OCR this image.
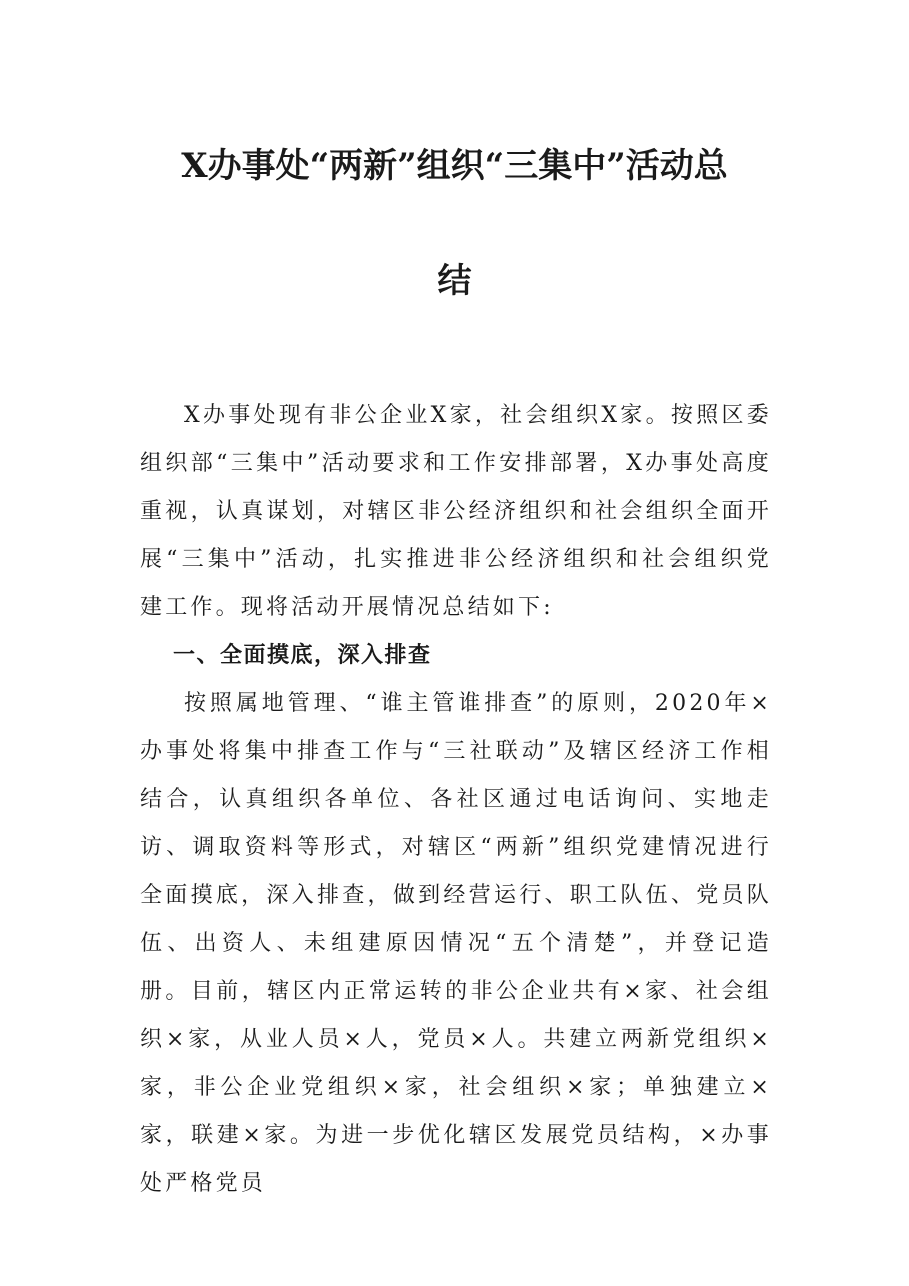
X办事处“两新”组织“三集中”活动总
结

X办事处现有非公企业X家，社会组织X家。按照区委组织部“三集中”活动要求和工作安排部署，X办事处高度重视，认真谋划，对辖区非公经济组织和社会组织全面开展“三集中”活动，扎实推进非公经济组织和社会组织党建工作。现将活动开展情况总结如下:

一、全面摸底，深入排查

按照属地管理、“谁主管谁排查”的原则，2020年×办事处将集中排查工作与“三社联动”及辖区经济工作相结合，认真组织各单位、各社区通过电话询问、实地走访、调取资料等形式，对辖区“两新”组织党建情况进行全面摸底，深入排查，做到经营运行、职工队伍、党员队伍、出资人、未组建原因情况“五个清楚”，并登记造册。目前，辖区内正常运转的非公企业共有×家、社会组织×家，从业人员×人，党员×人。共建立两新党组织×家，非公企业党组织×家，社会组织×家；单独建立×家，联建×家。为进一步优化辖区发展党员结构，×办事处严格党员
